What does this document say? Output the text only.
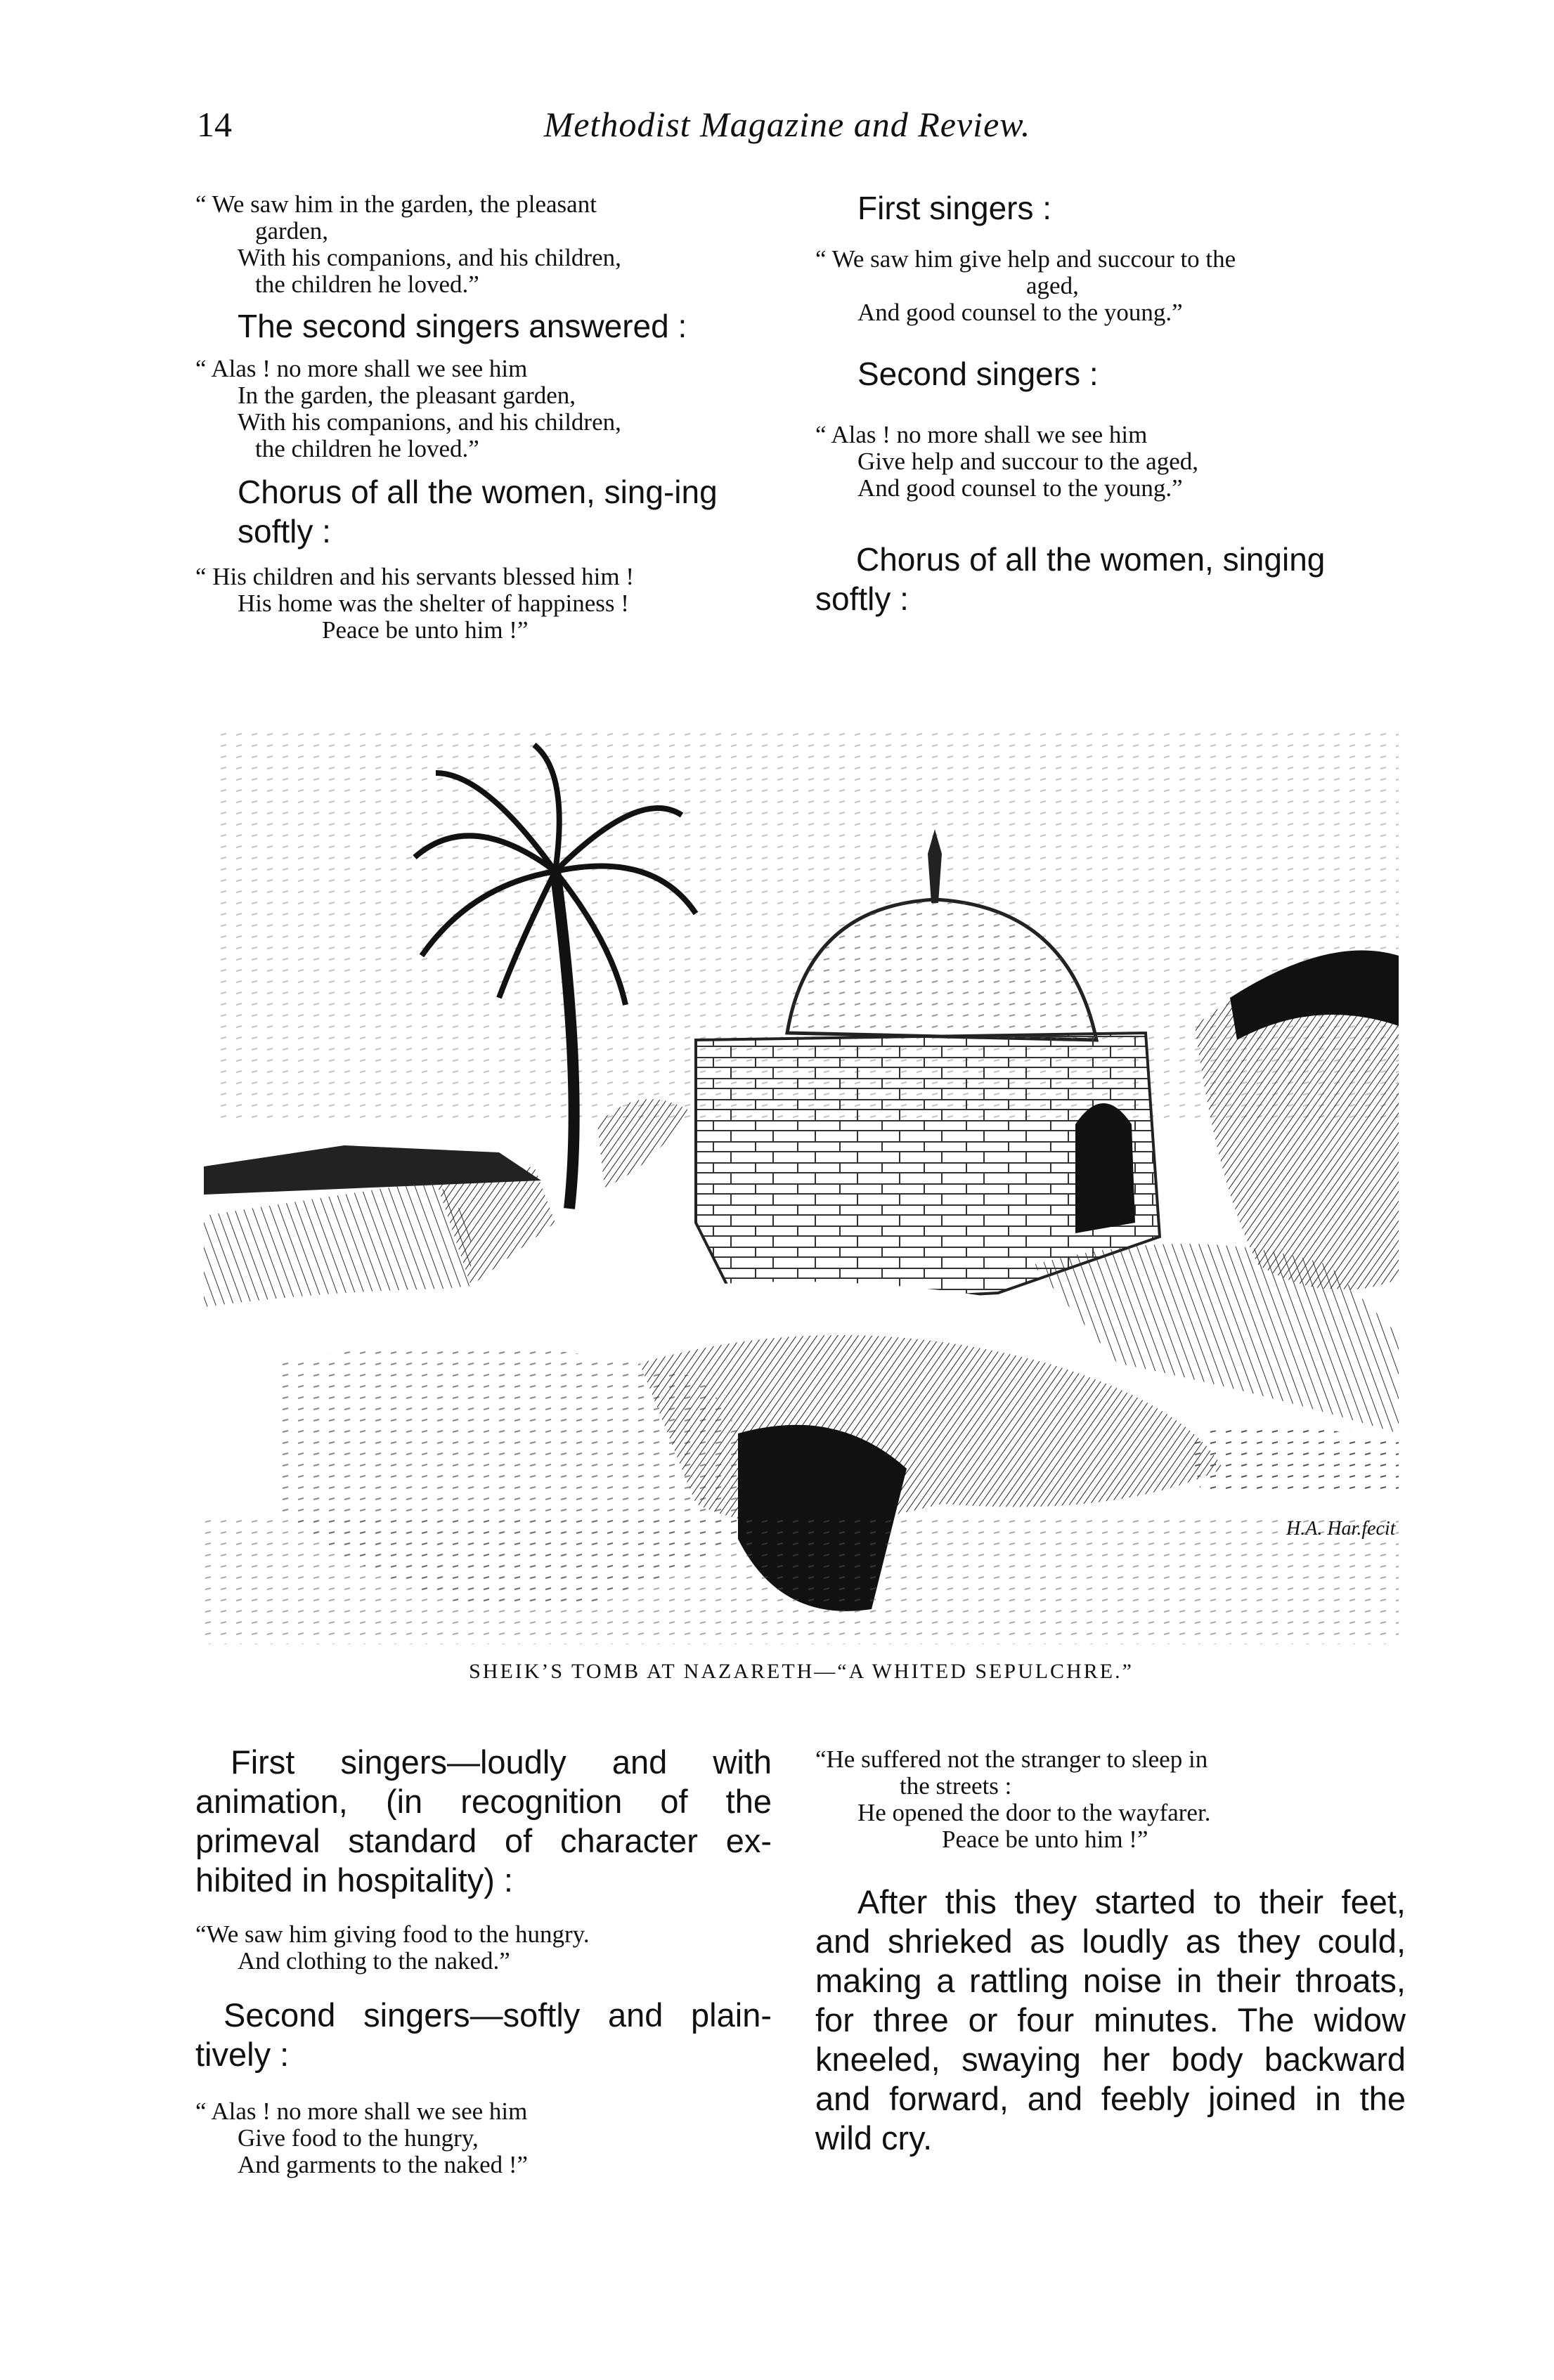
14	Methodist Magazine and Review.
“ We saw him in the garden, the pleasant
garden,
With his companions, and his children,
the children he loved.”

The second singers answered :

“ Alas ! no more shall we see him
In the garden, the pleasant garden,
With his companions, and his children,
the children he loved.”

Chorus of all the women, sing-ing softly :

“ His children and his servants blessed him !
His home was the shelter of happiness !
Peace be unto him !”

First singers :

“ We saw him give help and succour to the
aged,
And good counsel to the young.”

Second singers :

“ Alas ! no more shall we see him
Give help and succour to the aged,
And good counsel to the young.”

Chorus of all the women, singing softly :

H.A. Har.fecit
SHEIK’S TOMB AT NAZARETH—“A WHITED SEPULCHRE.”

First singers—loudly and with animation, (in recognition of the primeval standard of character ex-hibited in hospitality) :

“We saw him giving food to the hungry.
And clothing to the naked.”

Second singers—softly and plain-tively :

“ Alas ! no more shall we see him
Give food to the hungry,
And garments to the naked !”
“He suffered not the stranger to sleep in
the streets :
He opened the door to the wayfarer.
Peace be unto him !”

After this they started to their feet, and shrieked as loudly as they could, making a rattling noise in their throats, for three or four minutes. The widow kneeled, swaying her body backward and forward, and feebly joined in the wild cry.
